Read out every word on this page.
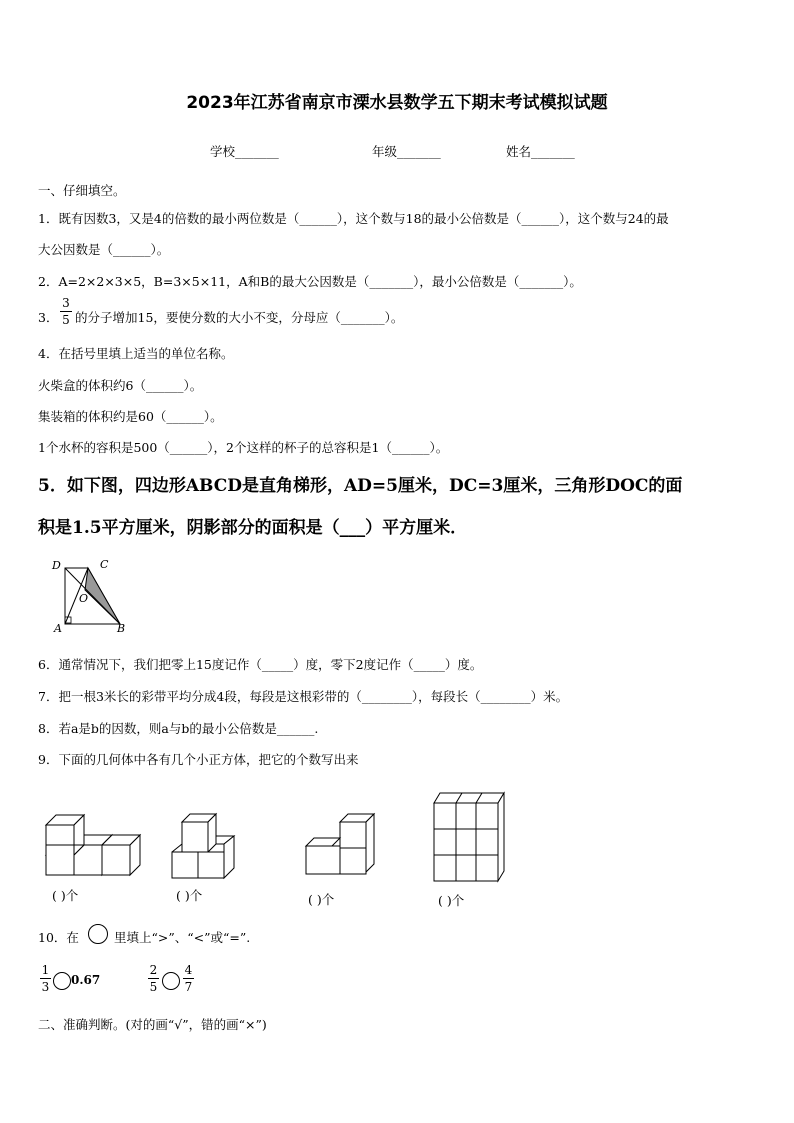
2023年江苏省南京市溧水县数学五下期末考试模拟试题
学校_______	年级_______	姓名_______
一、仔细填空。
1．既有因数3，又是4的倍数的最小两位数是（______），这个数与18的最小公倍数是（______），这个数与24的最
大公因数是（______）。
2．A=2×2×3×5，B=3×5×11，A和B的最大公因数是（_______），最小公倍数是（_______）。
3．
3
5 的分子增加15，要使分数的大小不变，分母应（_______）。
4．在括号里填上适当的单位名称。
火柴盒的体积约6（______）。
集装箱的体积约是60（______）。
1个水杯的容积是500（______），2个这样的杯子的总容积是1（______）。
5．如下图，四边形ABCD是直角梯形，AD=5厘米，DC=3厘米，三角形DOC的面
积是1.5平方厘米，阴影部分的面积是（___）平方厘米．
D	C
O
A	B
6．通常情况下，我们把零上15度记作（_____）度，零下2度记作（_____）度。
7．把一根3米长的彩带平均分成4段，每段是这根彩带的（________），每段长（________）米。
8．若a是b的因数，则a与b的最小公倍数是______.
9．下面的几何体中各有几个小正方体，把它的个数写出来
( )个	( )个	( )个	( )个
10．在	里填上“>”、“<”或“=”.
1
3 0.67
2
5
4
7
二、准确判断。(对的画“√”，错的画“×”)
